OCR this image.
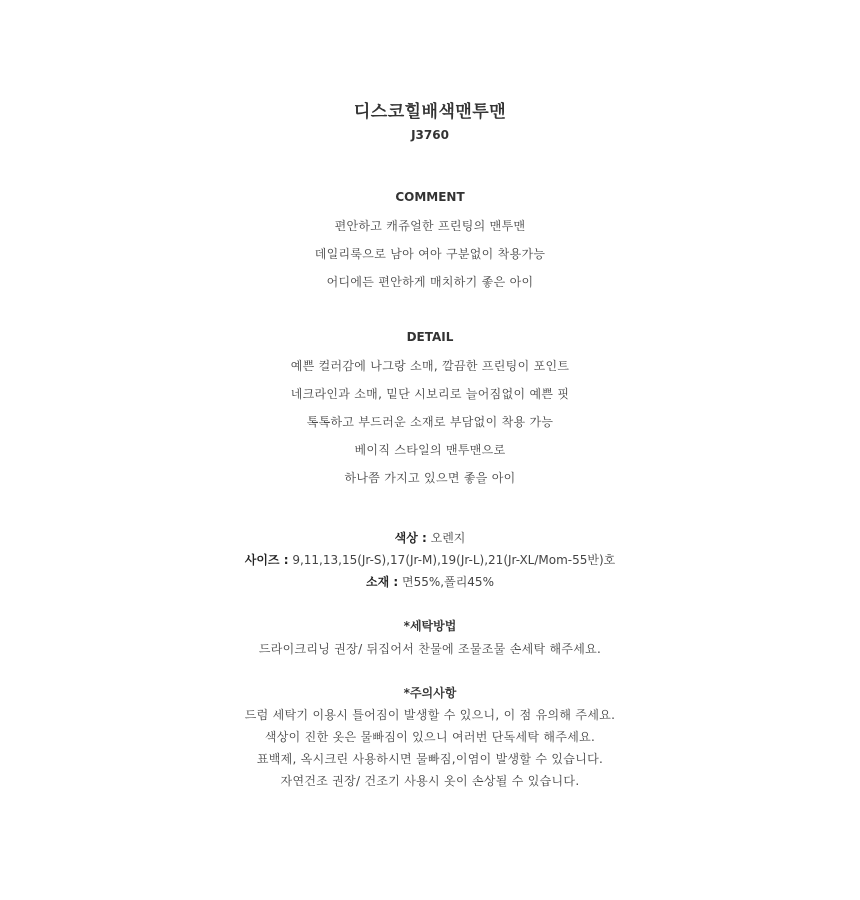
디스코힐배색맨투맨
J3760
COMMENT
편안하고 캐쥬얼한 프린팅의 맨투맨
데일리룩으로 남아 여아 구분없이 착용가능
어디에든 편안하게 매치하기 좋은 아이
DETAIL
예쁜 컬러감에 나그랑 소매, 깔끔한 프린팅이 포인트
네크라인과 소매, 밑단 시보리로 늘어짐없이 예쁜 핏
톡톡하고 부드러운 소재로 부담없이 착용 가능
베이직 스타일의 맨투맨으로
하나쯤 가지고 있으면 좋을 아이
색상 : 오렌지
사이즈 : 9,11,13,15(Jr-S),17(Jr-M),19(Jr-L),21(Jr-XL/Mom-55반)호
소재 : 면55%,폴리45%
*세탁방법
드라이크리닝 권장/ 뒤집어서 찬물에 조물조물 손세탁 해주세요.
*주의사항
드럼 세탁기 이용시 틀어짐이 발생할 수 있으니, 이 점 유의해 주세요.
색상이 진한 옷은 물빠짐이 있으니 여러번 단독세탁 해주세요.
표백제, 옥시크린 사용하시면 물빠짐,이염이 발생할 수 있습니다.
자연건조 권장/ 건조기 사용시 옷이 손상될 수 있습니다.
